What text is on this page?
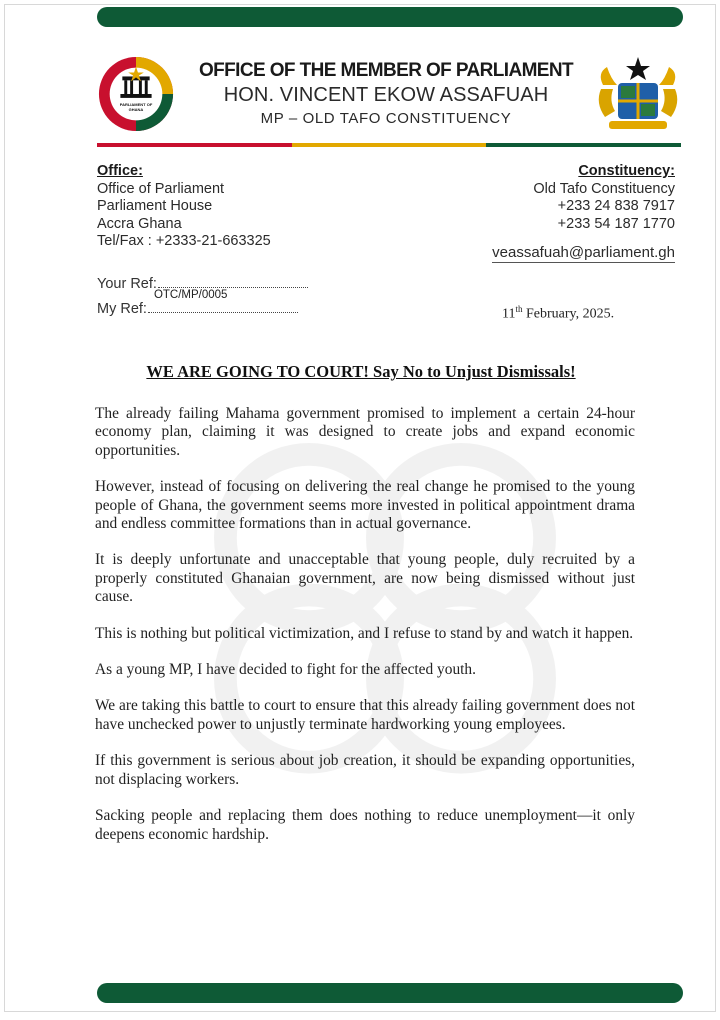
PARLIAMENT OF GHANA
OFFICE OF THE MEMBER OF PARLIAMENT
HON. VINCENT EKOW ASSAFUAH
MP – OLD TAFO CONSTITUENCY
Office:
Office of Parliament
Parliament House
Accra Ghana
Tel/Fax : +2333-21-663325
Constituency:
Old Tafo Constituency
+233 24 838 7917
+233 54 187 1770
veassafuah@parliament.gh
Your Ref:
My Ref:
OTC/MP/0005
11th February, 2025.
WE ARE GOING TO COURT! Say No to Unjust Dismissals!

The already failing Mahama government promised to implement a certain 24-hour economy plan, claiming it was designed to create jobs and expand economic opportunities.

However, instead of focusing on delivering the real change he promised to the young people of Ghana, the government seems more invested in political appointment drama and endless committee formations than in actual governance.

It is deeply unfortunate and unacceptable that young people, duly recruited by a properly constituted Ghanaian government, are now being dismissed without just cause.

This is nothing but political victimization, and I refuse to stand by and watch it happen.

As a young MP, I have decided to fight for the affected youth.

We are taking this battle to court to ensure that this already failing government does not have unchecked power to unjustly terminate hardworking young employees.

If this government is serious about job creation, it should be expanding opportunities, not displacing workers.

Sacking people and replacing them does nothing to reduce unemployment—it only deepens economic hardship.
